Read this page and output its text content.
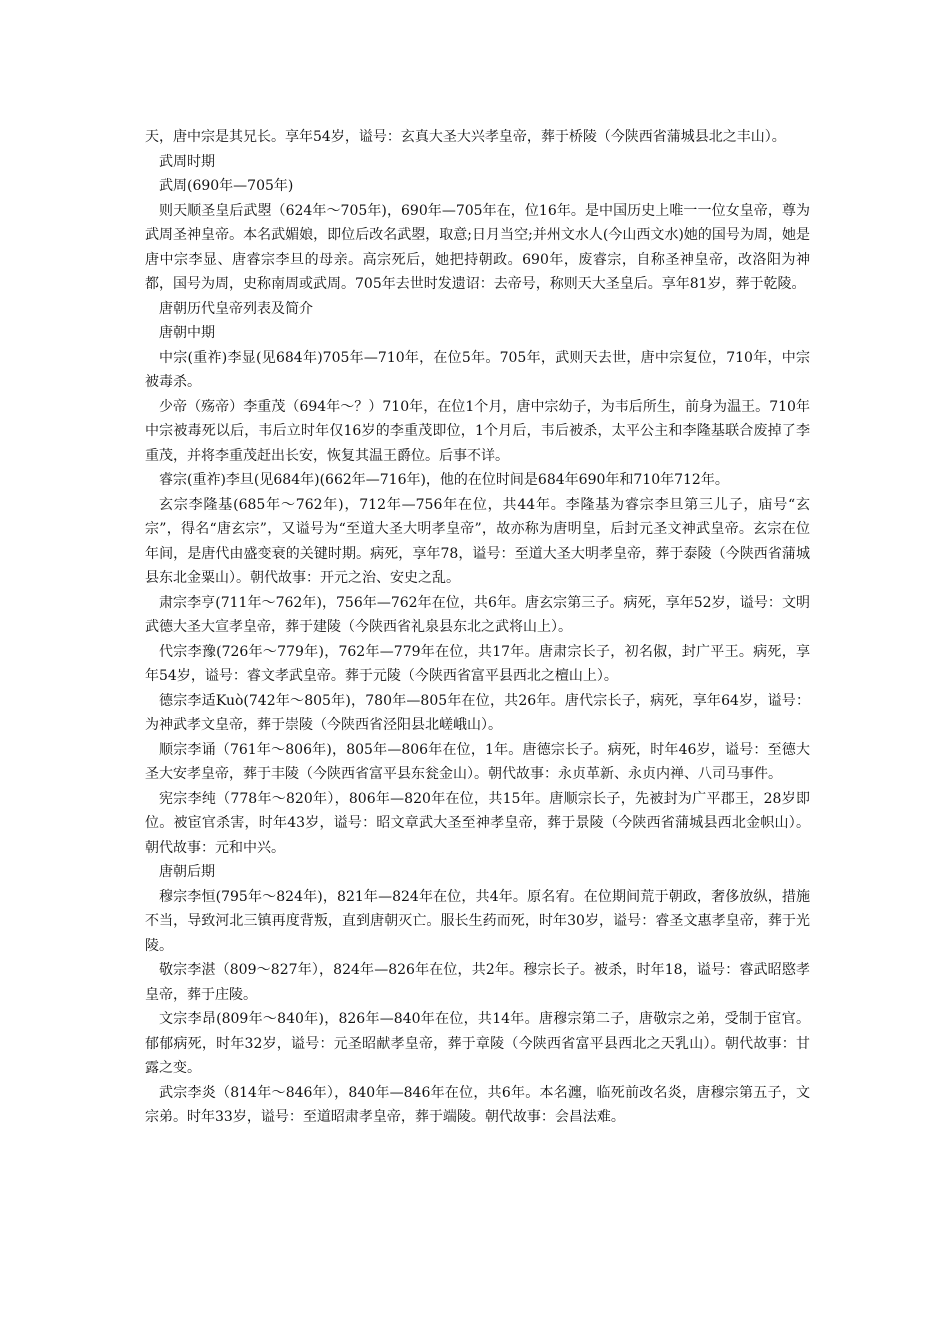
天，唐中宗是其兄长。享年54岁，谥号：玄真大圣大兴孝皇帝，葬于桥陵（今陕西省蒲城县北之丰山）。

武周时期

武周(690年—705年)

则天顺圣皇后武曌（624年～705年)，690年—705年在，位16年。是中国历史上唯一一位女皇帝，尊为武周圣神皇帝。本名武媚娘，即位后改名武曌，取意;日月当空;并州文水人(今山西文水)她的国号为周，她是唐中宗李显、唐睿宗李旦的母亲。高宗死后，她把持朝政。690年，废睿宗，自称圣神皇帝，改洛阳为神都，国号为周，史称南周或武周。705年去世时发遗诏：去帝号，称则天大圣皇后。享年81岁，葬于乾陵。

唐朝历代皇帝列表及简介

唐朝中期

中宗(重祚)李显(见684年)705年—710年，在位5年。705年，武则天去世，唐中宗复位，710年，中宗被毒杀。

少帝（殇帝）李重茂（694年～？）710年，在位1个月，唐中宗幼子，为韦后所生，前身为温王。710年中宗被毒死以后，韦后立时年仅16岁的李重茂即位，1个月后，韦后被杀，太平公主和李隆基联合废掉了李重茂，并将李重茂赶出长安，恢复其温王爵位。后事不详。

睿宗(重祚)李旦(见684年)(662年—716年)，他的在位时间是684年690年和710年712年。

玄宗李隆基(685年～762年)，712年—756年在位，共44年。李隆基为睿宗李旦第三儿子，庙号“玄宗”，得名“唐玄宗”，又谥号为“至道大圣大明孝皇帝”，故亦称为唐明皇，后封元圣文神武皇帝。玄宗在位年间，是唐代由盛变衰的关键时期。病死，享年78，谥号：至道大圣大明孝皇帝，葬于泰陵（今陕西省蒲城县东北金粟山）。朝代故事：开元之治、安史之乱。

肃宗李亨(711年～762年)，756年—762年在位，共6年。唐玄宗第三子。病死，享年52岁，谥号：文明武德大圣大宣孝皇帝，葬于建陵（今陕西省礼泉县东北之武将山上）。

代宗李豫(726年～779年)，762年—779年在位，共17年。唐肃宗长子，初名俶，封广平王。病死，享年54岁，谥号：睿文孝武皇帝。葬于元陵（今陕西省富平县西北之檀山上）。

德宗李适Kuò(742年～805年)，780年—805年在位，共26年。唐代宗长子，病死，享年64岁，谥号：为神武孝文皇帝，葬于崇陵（今陕西省泾阳县北嵯峨山）。

顺宗李诵（761年～806年)，805年—806年在位，1年。唐德宗长子。病死，时年46岁，谥号：至德大圣大安孝皇帝，葬于丰陵（今陕西省富平县东瓮金山）。朝代故事：永贞革新、永贞内禅、八司马事件。

宪宗李纯（778年～820年），806年—820年在位，共15年。唐顺宗长子，先被封为广平郡王，28岁即位。被宦官杀害，时年43岁，谥号：昭文章武大圣至神孝皇帝，葬于景陵（今陕西省蒲城县西北金帜山）。朝代故事：元和中兴。

唐朝后期

穆宗李恒(795年～824年)，821年—824年在位，共4年。原名宥。在位期间荒于朝政，奢侈放纵，措施不当，导致河北三镇再度背叛，直到唐朝灭亡。服长生药而死，时年30岁，谥号：睿圣文惠孝皇帝，葬于光陵。

敬宗李湛（809～827年），824年—826年在位，共2年。穆宗长子。被杀，时年18，谥号：睿武昭愍孝皇帝，葬于庄陵。

文宗李昂(809年～840年)，826年—840年在位，共14年。唐穆宗第二子，唐敬宗之弟，受制于宦官。郁郁病死，时年32岁，谥号：元圣昭献孝皇帝，葬于章陵（今陕西省富平县西北之天乳山）。朝代故事：甘露之变。

武宗李炎（814年～846年），840年—846年在位，共6年。本名瀍，临死前改名炎，唐穆宗第五子，文宗弟。时年33岁，谥号：至道昭肃孝皇帝，葬于端陵。朝代故事：会昌法难。
